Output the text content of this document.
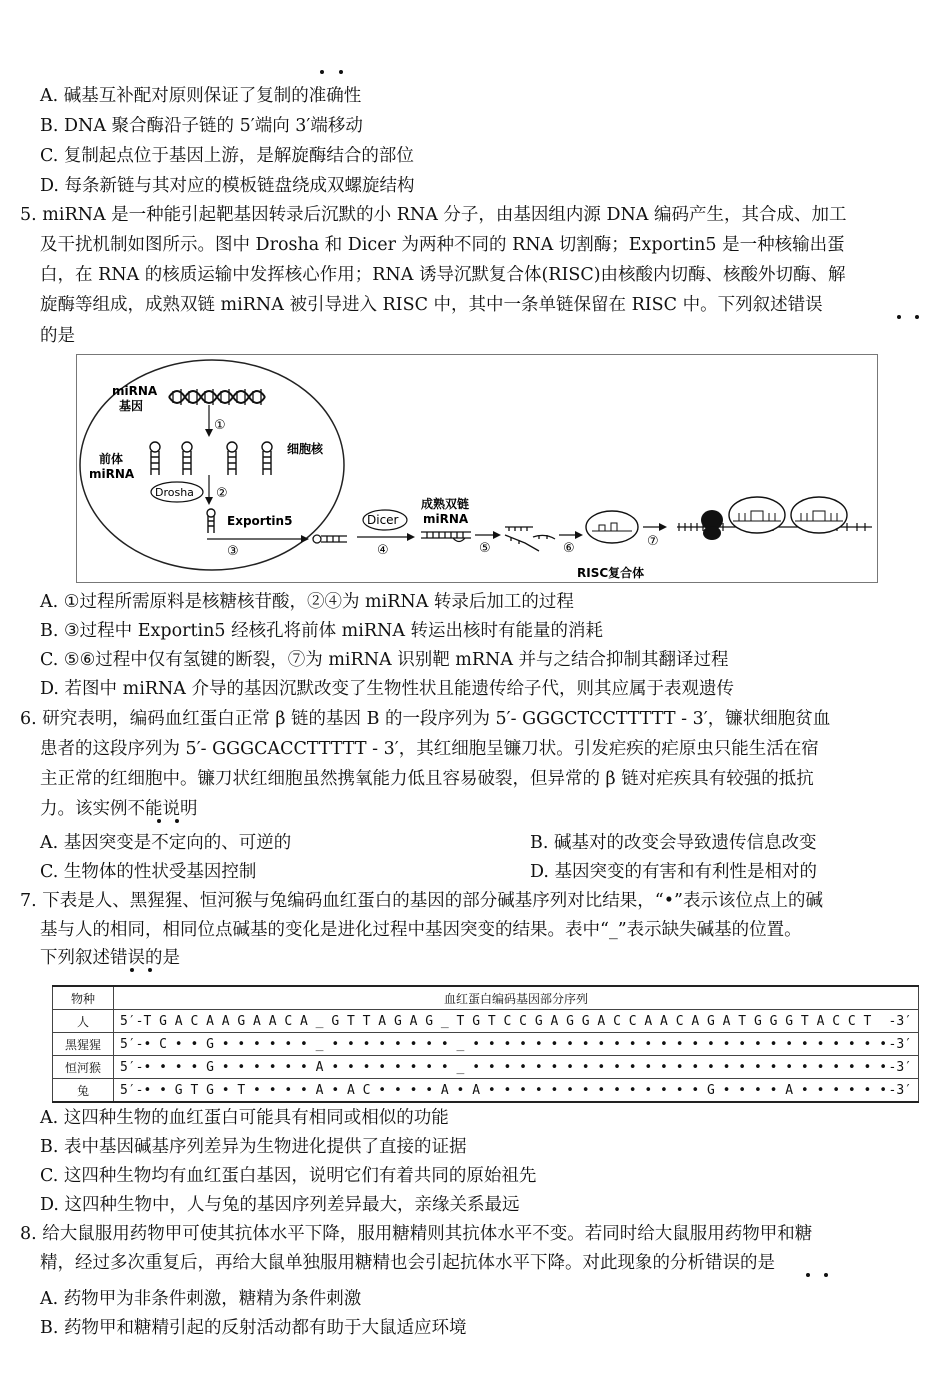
A. 碱基互补配对原则保证了复制的准确性
B. DNA 聚合酶沿子链的 5′端向 3′端移动
C. 复制起点位于基因上游，是解旋酶结合的部位
D. 每条新链与其对应的模板链盘绕成双螺旋结构
5. miRNA 是一种能引起靶基因转录后沉默的小 RNA 分子，由基因组内源 DNA 编码产生，其合成、加工
及干扰机制如图所示。图中 Drosha 和 Dicer 为两种不同的 RNA 切割酶；Exportin5 是一种核输出蛋
白，在 RNA 的核质运输中发挥核心作用；RNA 诱导沉默复合体(RISC)由核酸内切酶、核酸外切酶、解
旋酶等组成，成熟双链 miRNA 被引导进入 RISC 中，其中一条单链保留在 RISC 中。下列叙述错误
的是
miRNA
基因
①
前体
miRNA
细胞核
Drosha ②
Exportin5
③
Dicer
④
成熟双链
miRNA
⑤	⑥	⑦
RISC复合体
A. ①过程所需原料是核糖核苷酸，②④为 miRNA 转录后加工的过程
B. ③过程中 Exportin5 经核孔将前体 miRNA 转运出核时有能量的消耗
C. ⑤⑥过程中仅有氢键的断裂，⑦为 miRNA 识别靶 mRNA 并与之结合抑制其翻译过程
D. 若图中 miRNA 介导的基因沉默改变了生物性状且能遗传给子代，则其应属于表观遗传
6. 研究表明，编码血红蛋白正常 β 链的基因 B 的一段序列为 5′- GGGCTCCTTTTT - 3′，镰状细胞贫血
患者的这段序列为 5′- GGGCACCTTTTT - 3′，其红细胞呈镰刀状。引发疟疾的疟原虫只能生活在宿
主正常的红细胞中。镰刀状红细胞虽然携氧能力低且容易破裂，但异常的 β 链对疟疾具有较强的抵抗
力。该实例不能说明
A. 基因突变是不定向的、可逆的	B. 碱基对的改变会导致遗传信息改变
C. 生物体的性状受基因控制	D. 基因突变的有害和有利性是相对的
7. 下表是人、黑猩猩、恒河猴与兔编码血红蛋白的基因的部分碱基序列对比结果，“•”表示该位点上的碱
基与人的相同，相同位点碱基的变化是进化过程中基因突变的结果。表中“_”表示缺失碱基的位置。
下列叙述错误的是
物种	血红蛋白编码基因部分序列
人	5′- T G A C A A G A A C A _ G T T A G A G _ T G T C C G A G G A C C A A C A G A T G G G T A C C T -3′

黑猩猩	5′- • C • • G • • • • • • _ • • • • • • • • _ • • • • • • • • • • • • • • • • • • • • • • • • • • • -3′

恒河猴	5′- • • • • G • • • • • • A • • • • • • • • _ • • • • • • • • • • • • • • • • • • • • • • • • • • • -3′

兔	5′- • • G T G • T • • • • A • A C • • • • A • A • • • • • • • • • • • • • • G • • • • A • • • • • • -3′
A. 这四种生物的血红蛋白可能具有相同或相似的功能
B. 表中基因碱基序列差异为生物进化提供了直接的证据
C. 这四种生物均有血红蛋白基因，说明它们有着共同的原始祖先
D. 这四种生物中，人与兔的基因序列差异最大，亲缘关系最远
8. 给大鼠服用药物甲可使其抗体水平下降，服用糖精则其抗体水平不变。若同时给大鼠服用药物甲和糖
精，经过多次重复后，再给大鼠单独服用糖精也会引起抗体水平下降。对此现象的分析错误的是
A. 药物甲为非条件刺激，糖精为条件刺激
B. 药物甲和糖精引起的反射活动都有助于大鼠适应环境
